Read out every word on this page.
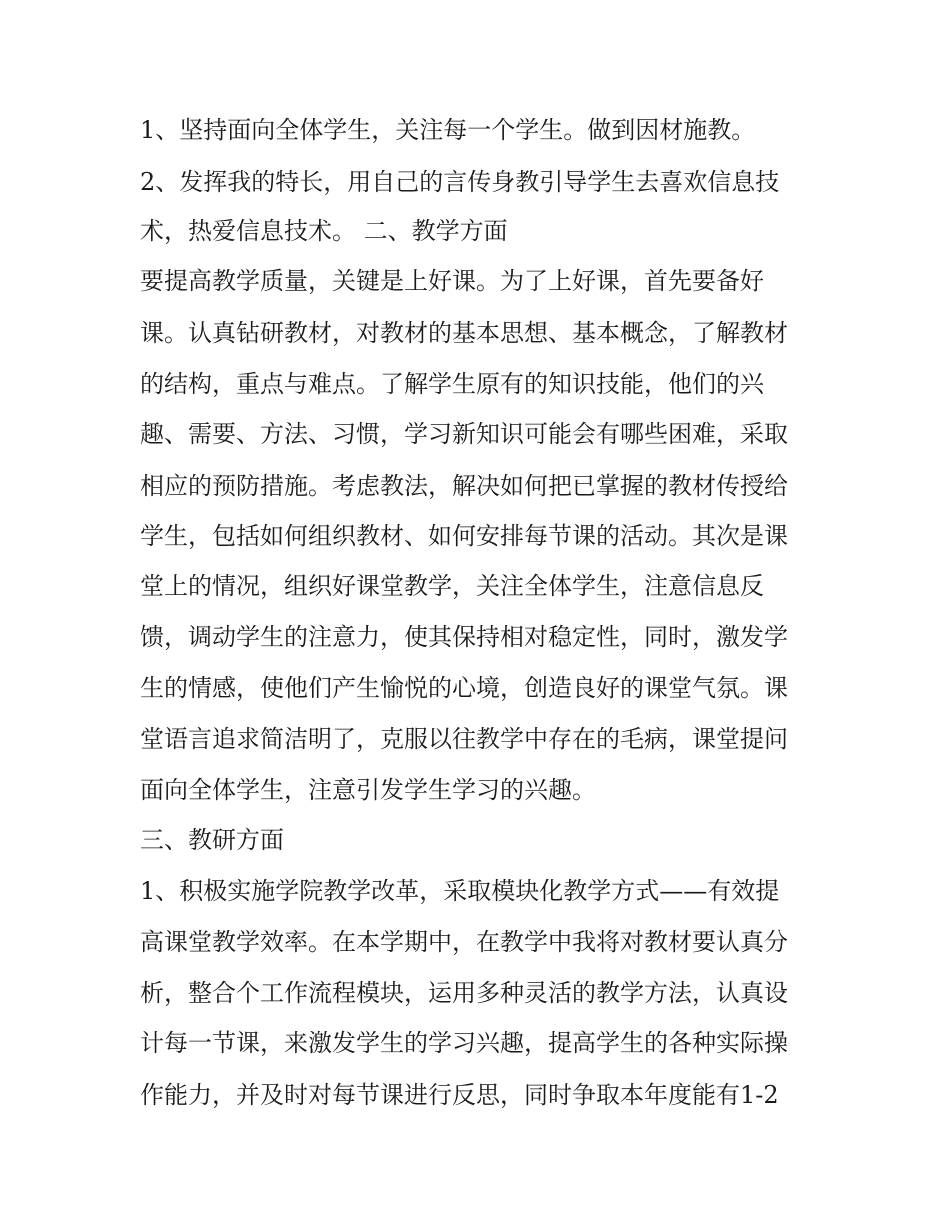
1、坚持面向全体学生，关注每一个学生。做到因材施教。

2、发挥我的特长，用自己的言传身教引导学生去喜欢信息技

术，热爱信息技术。 二、教学方面

要提高教学质量，关键是上好课。为了上好课，首先要备好

课。认真钻研教材，对教材的基本思想、基本概念，了解教材

的结构，重点与难点。了解学生原有的知识技能，他们的兴

趣、需要、方法、习惯，学习新知识可能会有哪些困难，采取

相应的预防措施。考虑教法，解决如何把已掌握的教材传授给

学生，包括如何组织教材、如何安排每节课的活动。其次是课

堂上的情况，组织好课堂教学，关注全体学生，注意信息反

馈，调动学生的注意力，使其保持相对稳定性，同时，激发学

生的情感，使他们产生愉悦的心境，创造良好的课堂气氛。课

堂语言追求简洁明了，克服以往教学中存在的毛病，课堂提问

面向全体学生，注意引发学生学习的兴趣。

三、教研方面

1、积极实施学院教学改革，采取模块化教学方式——有效提

高课堂教学效率。在本学期中，在教学中我将对教材要认真分

析，整合个工作流程模块，运用多种灵活的教学方法，认真设

计每一节课，来激发学生的学习兴趣，提高学生的各种实际操

作能力，并及时对每节课进行反思，同时争取本年度能有1-2
